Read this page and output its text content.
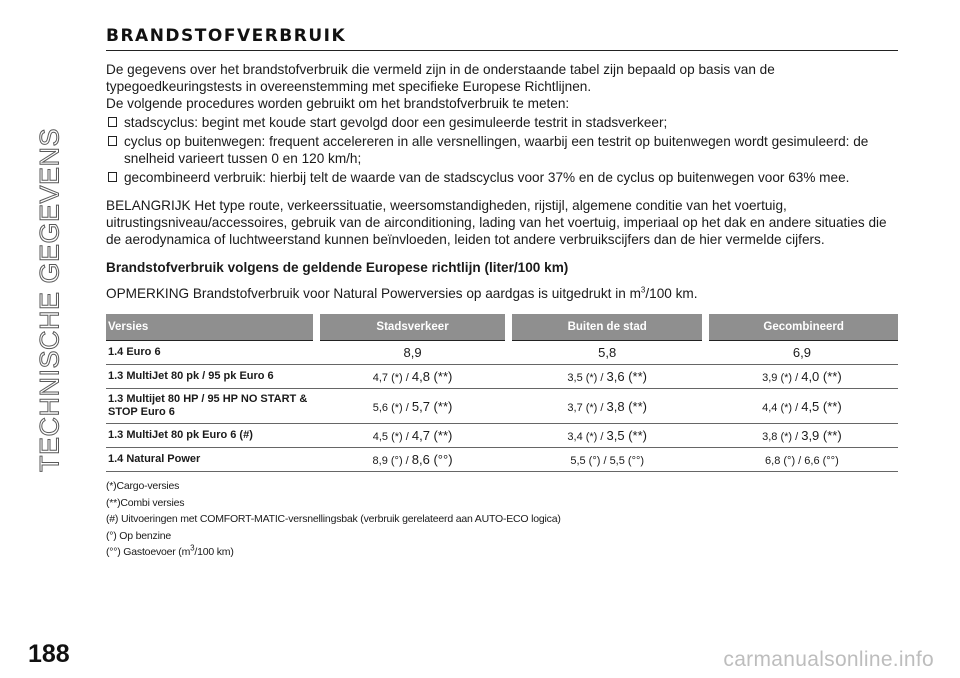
TECHNISCHE GEGEVENS
BRANDSTOFVERBRUIK

De gegevens over het brandstofverbruik die vermeld zijn in de onderstaande tabel zijn bepaald op basis van de typegoedkeuringstests in overeenstemming met specifieke Europese Richtlijnen.

De volgende procedures worden gebruikt om het brandstofverbruik te meten:

stadscyclus: begint met koude start gevolgd door een gesimuleerde testrit in stadsverkeer;
cyclus op buitenwegen: frequent accelereren in alle versnellingen, waarbij een testrit op buitenwegen wordt gesimuleerd: de snelheid varieert tussen 0 en 120 km/h;
gecombineerd verbruik: hierbij telt de waarde van de stadscyclus voor 37% en de cyclus op buitenwegen voor 63% mee.

BELANGRIJK Het type route, verkeerssituatie, weersomstandigheden, rijstijl, algemene conditie van het voertuig, uitrustingsniveau/accessoires, gebruik van de airconditioning, lading van het voertuig, imperiaal op het dak en andere situaties die de aerodynamica of luchtweerstand kunnen beïnvloeden, leiden tot andere verbruikscijfers dan de hier vermelde cijfers.

Brandstofverbruik volgens de geldende Europese richtlijn (liter/100 km)

OPMERKING Brandstofverbruik voor Natural Powerversies op aardgas is uitgedrukt in $m^3/100$ km.

Versies	Stadsverkeer	Buiten de stad	Gecombineerd
1.4 Euro 6	8,9	5,8	6,9
1.3 MultiJet 80 pk / 95 pk Euro 6	4,7 (*) / 4,8 (**)	3,5 (*) / 3,6 (**)	3,9 (*) / 4,0 (**)
1.3 Multijet 80 HP / 95 HP NO START & STOP Euro 6	5,6 (*) / 5,7 (**)	3,7 (*) / 3,8 (**)	4,4 (*) / 4,5 (**)
1.3 MultiJet 80 pk Euro 6 (#)	4,5 (*) / 4,7 (**)	3,4 (*) / 3,5 (**)	3,8 (*) / 3,9 (**)
1.4 Natural Power	8,9 (°) / 8,6 (°°)	5,5 (°) / 5,5 (°°)	6,8 (°) / 6,6 (°°)
(*)Cargo-versies
(**)Combi versies
(#) Uitvoeringen met COMFORT-MATIC-versnellingsbak (verbruik gerelateerd aan AUTO-ECO logica)
(°) Op benzine
(°°) Gastoevoer ($m^3/100$ km)
188	carmanualsonline.info
